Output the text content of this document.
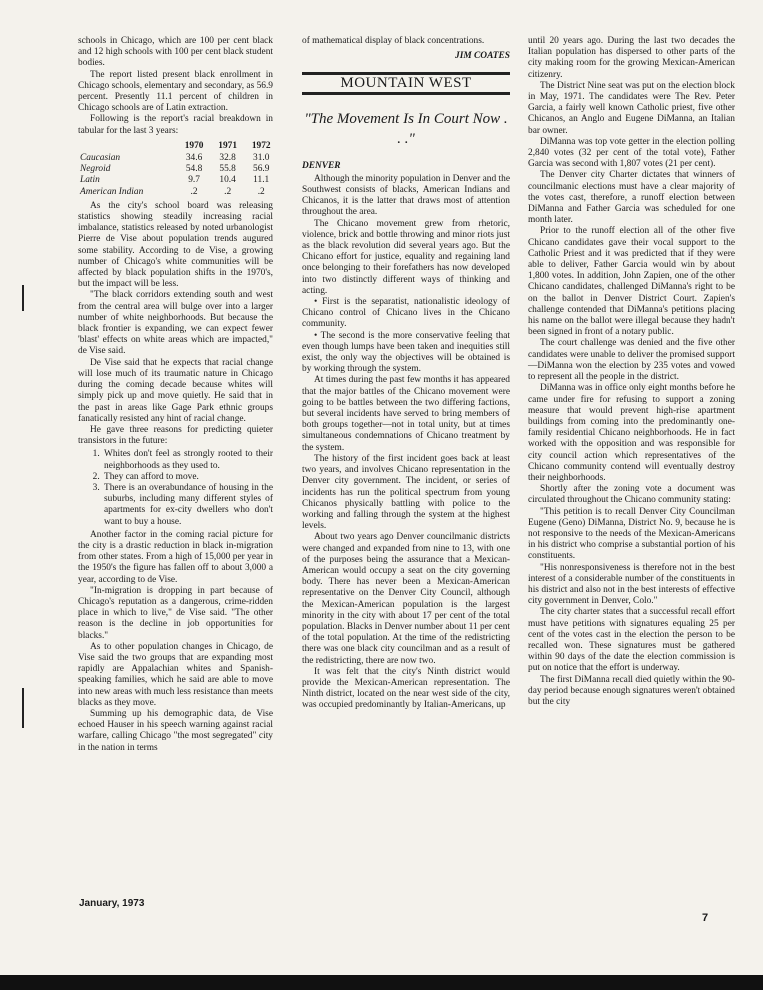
schools in Chicago, which are 100 per cent black and 12 high schools with 100 per cent black student bodies.

The report listed present black enrollment in Chicago schools, elementary and secondary, as 56.9 percent. Presently 11.1 percent of children in Chicago schools are of Latin extraction.

Following is the report's racial breakdown in tabular for the last 3 years:

	1970	1971	1972
Caucasian	34.6	32.8	31.0
Negroid	54.8	55.8	56.9
Latin	9.7	10.4	11.1
American Indian	.2	.2	.2

As the city's school board was releasing statistics showing steadily increasing racial imbalance, statistics released by noted urbanologist Pierre de Vise about population trends augured some stability. According to de Vise, a growing number of Chicago's white communities will be affected by black population shifts in the 1970's, but the impact will be less.

"The black corridors extending south and west from the central area will bulge over into a larger number of white neighborhoods. But because the black frontier is expanding, we can expect fewer 'blast' effects on white areas which are impacted," de Vise said.

De Vise said that he expects that racial change will lose much of its traumatic nature in Chicago during the coming decade because whites will simply pick up and move quietly. He said that in the past in areas like Gage Park ethnic groups fanatically resisted any hint of racial change.

He gave three reasons for predicting quieter transistors in the future:

1. Whites don't feel as strongly rooted to their neighborhoods as they used to.
2. They can afford to move.
3. There is an overabundance of housing in the suburbs, including many different styles of apartments for ex-city dwellers who don't want to buy a house.

Another factor in the coming racial picture for the city is a drastic reduction in black in-migration from other states. From a high of 15,000 per year in the 1950's the figure has fallen off to about 3,000 a year, according to de Vise.

"In-migration is dropping in part because of Chicago's reputation as a dangerous, crime-ridden place in which to live," de Vise said. "The other reason is the decline in job opportunities for blacks."

As to other population changes in Chicago, de Vise said the two groups that are expanding most rapidly are Appalachian whites and Spanish-speaking families, which he said are able to move into new areas with much less resistance than meets blacks as they move.

Summing up his demographic data, de Vise echoed Hauser in his speech warning against racial warfare, calling Chicago "the most segregated" city in the nation in terms

of mathematical display of black concentrations.

JIM COATES
MOUNTAIN WEST
"The Movement Is In Court Now . . ."
DENVER

Although the minority population in Denver and the Southwest consists of blacks, American Indians and Chicanos, it is the latter that draws most of attention throughout the area.

The Chicano movement grew from rhetoric, violence, brick and bottle throwing and minor riots just as the black revolution did several years ago. But the Chicano effort for justice, equality and regaining land once belonging to their forefathers has now developed into two distinctly different ways of thinking and acting.

• First is the separatist, nationalistic ideology of Chicano control of Chicano lives in the Chicano community.

• The second is the more conservative feeling that even though lumps have been taken and inequities still exist, the only way the objectives will be obtained is by working through the system.

At times during the past few months it has appeared that the major battles of the Chicano movement were going to be battles between the two differing factions, but several incidents have served to bring members of both groups together—not in total unity, but at times simultaneous condemnations of Chicano treatment by the system.

The history of the first incident goes back at least two years, and involves Chicano representation in the Denver city government. The incident, or series of incidents has run the political spectrum from young Chicanos physically battling with police to the working and falling through the system at the highest levels.

About two years ago Denver councilmanic districts were changed and expanded from nine to 13, with one of the purposes being the assurance that a Mexican-American would occupy a seat on the city governing body. There has never been a Mexican-American representative on the Denver City Council, although the Mexican-American population is the largest minority in the city with about 17 per cent of the total population. Blacks in Denver number about 11 per cent of the total population. At the time of the redistricting there was one black city councilman and as a result of the redistricting, there are now two.

It was felt that the city's Ninth district would provide the Mexican-American representation. The Ninth district, located on the near west side of the city, was occupied predominantly by Italian-Americans, up

until 20 years ago. During the last two decades the Italian population has dispersed to other parts of the city making room for the growing Mexican-American citizenry.

The District Nine seat was put on the election block in May, 1971. The candidates were The Rev. Peter Garcia, a fairly well known Catholic priest, five other Chicanos, an Anglo and Eugene DiManna, an Italian bar owner.

DiManna was top vote getter in the election polling 2,840 votes (32 per cent of the total vote), Father Garcia was second with 1,807 votes (21 per cent).

The Denver city Charter dictates that winners of councilmanic elections must have a clear majority of the votes cast, therefore, a runoff election between DiManna and Father Garcia was scheduled for one month later.

Prior to the runoff election all of the other five Chicano candidates gave their vocal support to the Catholic Priest and it was predicted that if they were able to deliver, Father Garcia would win by about 1,800 votes. In addition, John Zapien, one of the other Chicano candidates, challenged DiManna's right to be on the ballot in Denver District Court. Zapien's challenge contended that DiManna's petitions placing his name on the ballot were illegal because they hadn't been signed in front of a notary public.

The court challenge was denied and the five other candidates were unable to deliver the promised support—DiManna won the election by 235 votes and vowed to represent all the people in the district.

DiManna was in office only eight months before he came under fire for refusing to support a zoning measure that would prevent high-rise apartment buildings from coming into the predominantly one-family residential Chicano neighborhoods. He in fact worked with the opposition and was responsible for city council action which representatives of the Chicano community contend will eventually destroy their neighborhoods.

Shortly after the zoning vote a document was circulated throughout the Chicano community stating:

"This petition is to recall Denver City Councilman Eugene (Geno) DiManna, District No. 9, because he is not responsive to the needs of the Mexican-Americans in his district who comprise a substantial portion of his constituents.

"His nonresponsiveness is therefore not in the best interest of a considerable number of the constituents in his district and also not in the best interests of effective city government in Denver, Colo."

The city charter states that a successful recall effort must have petitions with signatures equaling 25 per cent of the votes cast in the election the person to be recalled won. These signatures must be gathered within 90 days of the date the election commission is put on notice that the effort is underway.

The first DiManna recall died quietly within the 90-day period because enough signatures weren't obtained but the city

January, 1973
7
